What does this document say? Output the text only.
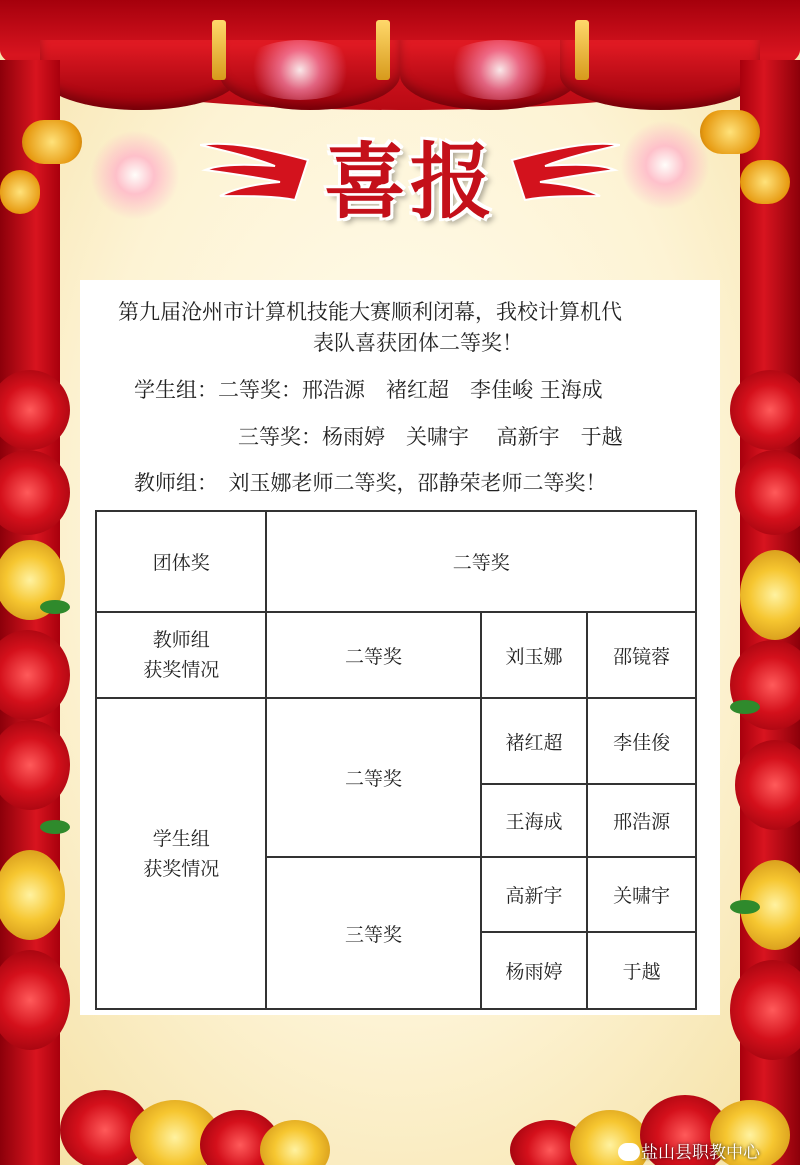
喜报
第九届沧州市计算机技能大赛顺利闭幕，我校计算机代
表队喜获团体二等奖！
学生组：二等奖：邢浩源　褚红超　李佳峻 王海成
三等奖：杨雨婷　关啸宇　 高新宇　于越
教师组：　刘玉娜老师二等奖，邵静荣老师二等奖！
团体奖	二等奖		
教师组
获奖情况	二等奖	刘玉娜	邵镜蓉
学生组
获奖情况	二等奖	褚红超	李佳俊
		王海成	邢浩源
	三等奖	高新宇	关啸宇
		杨雨婷	于越
盐山县职教中心
